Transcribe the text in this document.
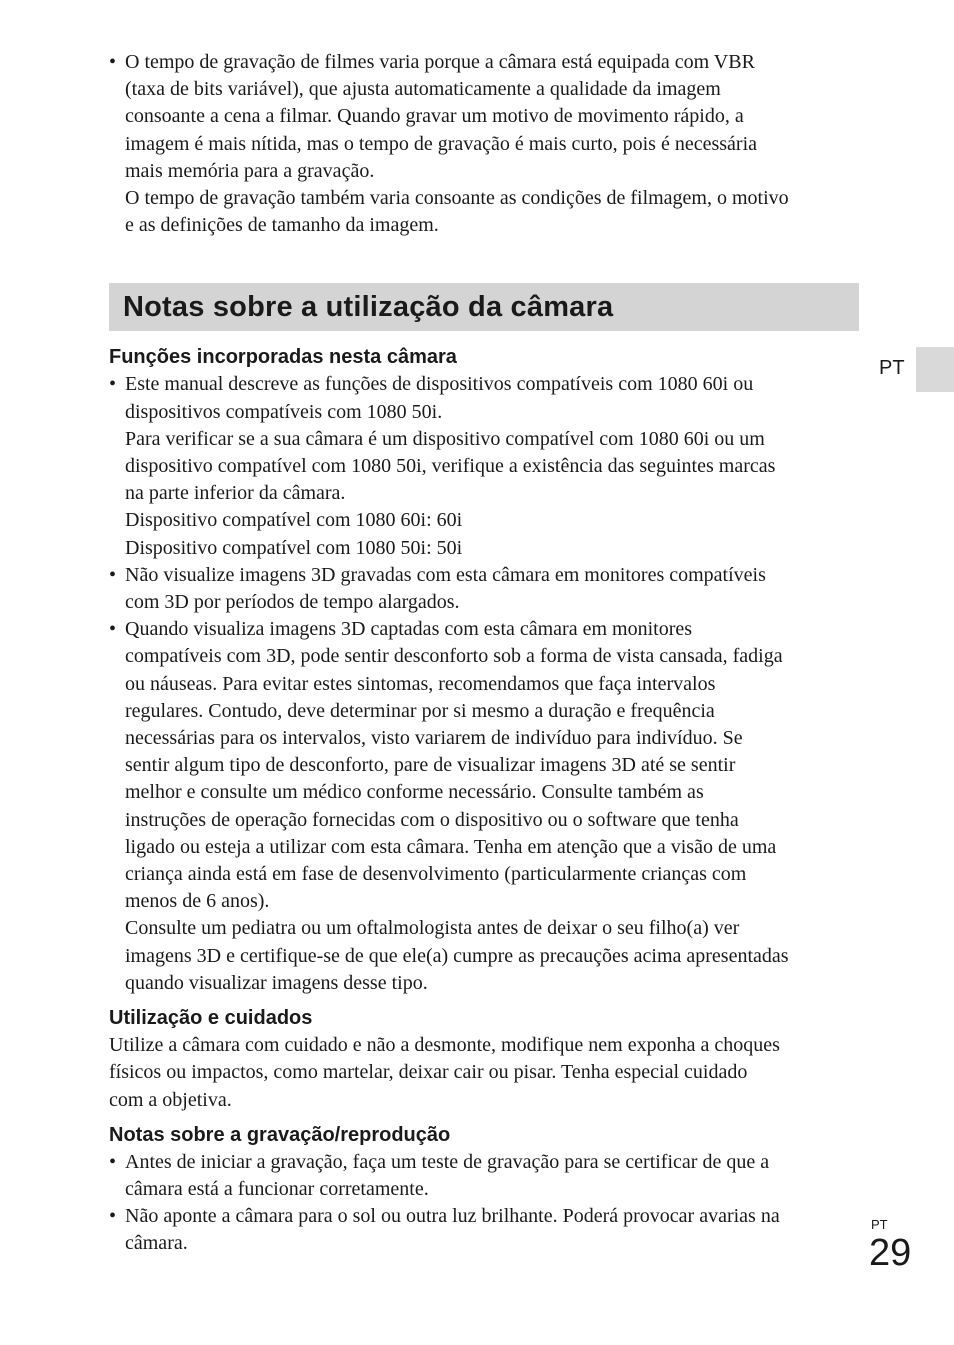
PT
• O tempo de gravação de filmes varia porque a câmara está equipada com VBR
(taxa de bits variável), que ajusta automaticamente a qualidade da imagem
consoante a cena a filmar. Quando gravar um motivo de movimento rápido, a
imagem é mais nítida, mas o tempo de gravação é mais curto, pois é necessária
mais memória para a gravação.
O tempo de gravação também varia consoante as condições de filmagem, o motivo
e as definições de tamanho da imagem.
Notas sobre a utilização da câmara
Funções incorporadas nesta câmara
• Este manual descreve as funções de dispositivos compatíveis com 1080 60i ou
dispositivos compatíveis com 1080 50i.
Para verificar se a sua câmara é um dispositivo compatível com 1080 60i ou um
dispositivo compatível com 1080 50i, verifique a existência das seguintes marcas
na parte inferior da câmara.
Dispositivo compatível com 1080 60i: 60i
Dispositivo compatível com 1080 50i: 50i
• Não visualize imagens 3D gravadas com esta câmara em monitores compatíveis
com 3D por períodos de tempo alargados.
• Quando visualiza imagens 3D captadas com esta câmara em monitores
compatíveis com 3D, pode sentir desconforto sob a forma de vista cansada, fadiga
ou náuseas. Para evitar estes sintomas, recomendamos que faça intervalos
regulares. Contudo, deve determinar por si mesmo a duração e frequência
necessárias para os intervalos, visto variarem de indivíduo para indivíduo. Se
sentir algum tipo de desconforto, pare de visualizar imagens 3D até se sentir
melhor e consulte um médico conforme necessário. Consulte também as
instruções de operação fornecidas com o dispositivo ou o software que tenha
ligado ou esteja a utilizar com esta câmara. Tenha em atenção que a visão de uma
criança ainda está em fase de desenvolvimento (particularmente crianças com
menos de 6 anos).
Consulte um pediatra ou um oftalmologista antes de deixar o seu filho(a) ver
imagens 3D e certifique-se de que ele(a) cumpre as precauções acima apresentadas
quando visualizar imagens desse tipo.
Utilização e cuidados
Utilize a câmara com cuidado e não a desmonte, modifique nem exponha a choques
físicos ou impactos, como martelar, deixar cair ou pisar. Tenha especial cuidado
com a objetiva.
Notas sobre a gravação/reprodução
• Antes de iniciar a gravação, faça um teste de gravação para se certificar de que a
câmara está a funcionar corretamente.
• Não aponte a câmara para o sol ou outra luz brilhante. Poderá provocar avarias na
câmara.
PT
29
